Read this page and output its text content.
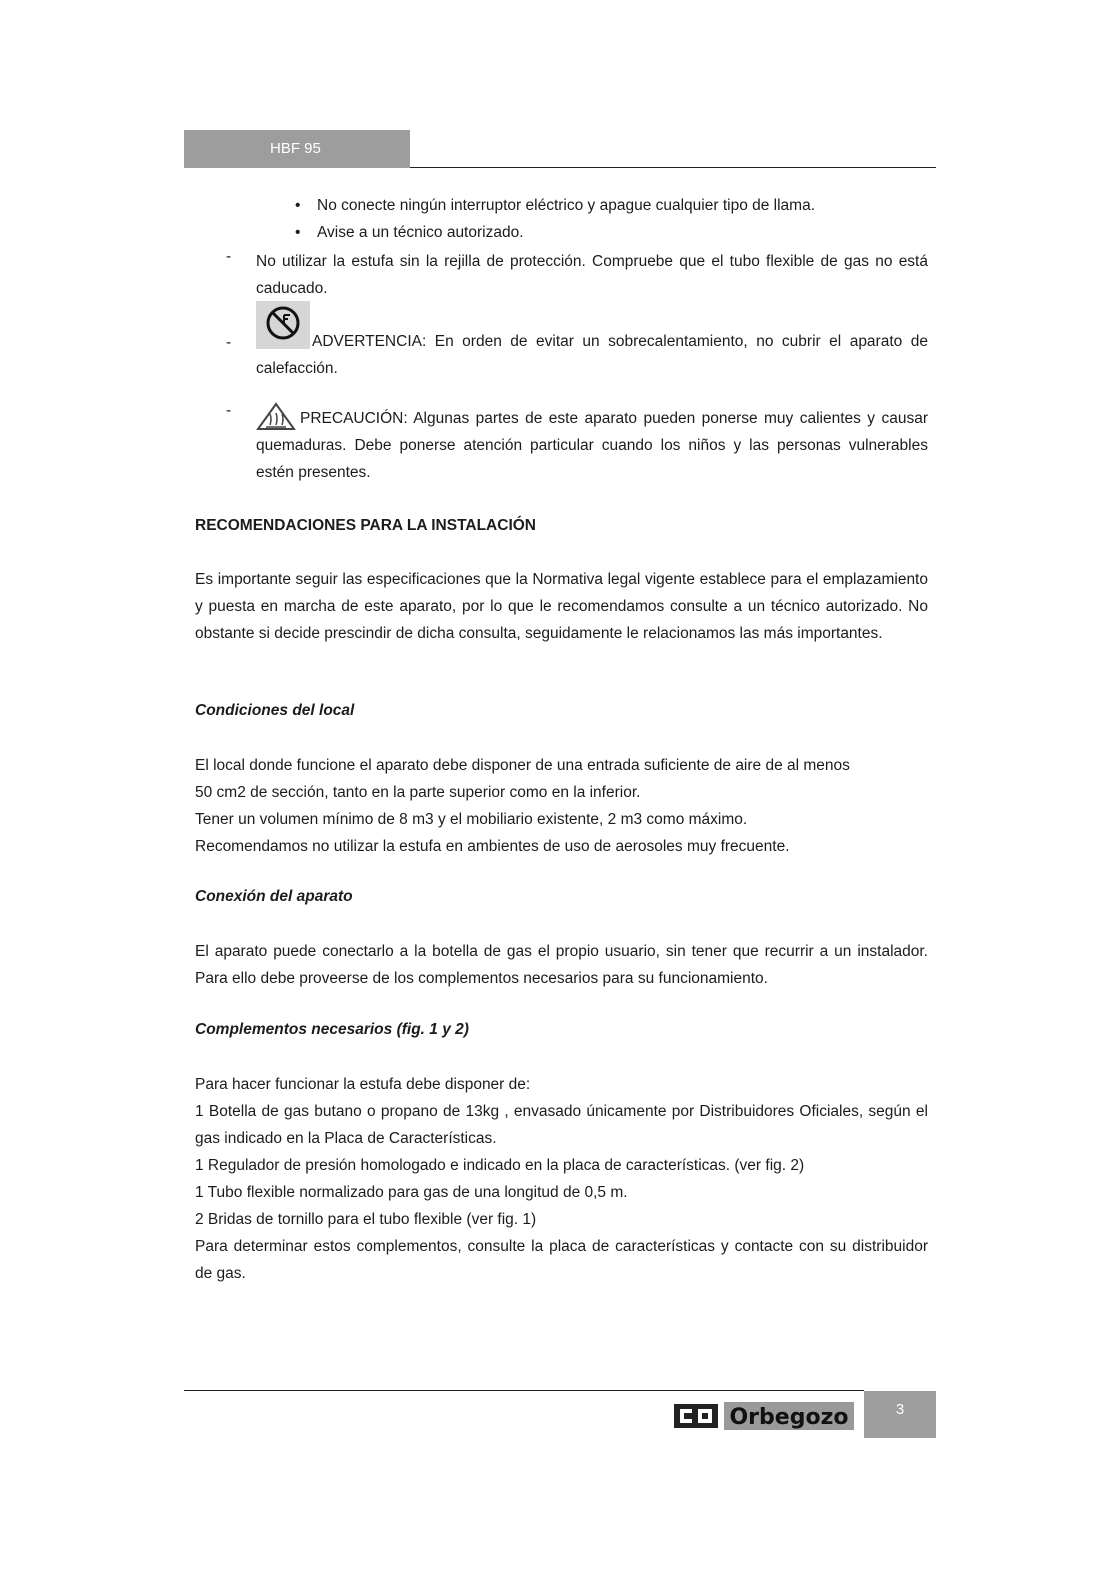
HBF 95
• No conecte ningún interruptor eléctrico y apague cualquier tipo de llama.
• Avise a un técnico autorizado.
- No utilizar la estufa sin la rejilla de protección. Compruebe que el tubo flexible de gas no está caducado.

-	ADVERTENCIA: En orden de evitar un sobrecalentamiento, no cubrir el aparato de calefacción.

-	PRECAUCIÓN: Algunas partes de este aparato pueden ponerse muy calientes y causar quemaduras. Debe ponerse atención particular cuando los niños y las personas vulnerables estén presentes.

RECOMENDACIONES PARA LA INSTALACIÓN

Es importante seguir las especificaciones que la Normativa legal vigente establece para el emplazamiento y puesta en marcha de este aparato, por lo que le recomendamos consulte a un técnico autorizado. No obstante si decide prescindir de dicha consulta, seguidamente le relacionamos las más importantes.

Condiciones del local

El local donde funcione el aparato debe disponer de una entrada suficiente de aire de al menos
50 cm2 de sección, tanto en la parte superior como en la inferior.
Tener un volumen mínimo de 8 m3 y el mobiliario existente, 2 m3 como máximo.
Recomendamos no utilizar la estufa en ambientes de uso de aerosoles muy frecuente.

Conexión del aparato

El aparato puede conectarlo a la botella de gas el propio usuario, sin tener que recurrir a un instalador. Para ello debe proveerse de los complementos necesarios para su funcionamiento.

Complementos necesarios (fig. 1 y 2)

Para hacer funcionar la estufa debe disponer de:
1 Botella de gas butano o propano de 13kg , envasado únicamente por Distribuidores Oficiales, según el gas indicado en la Placa de Características.
1 Regulador de presión homologado e indicado en la placa de características. (ver fig. 2)
1 Tubo flexible normalizado para gas de una longitud de 0,5 m.
2 Bridas de tornillo para el tubo flexible (ver fig. 1)
Para determinar estos complementos, consulte la placa de características y contacte con su distribuidor de gas.
Orbegozo	3
